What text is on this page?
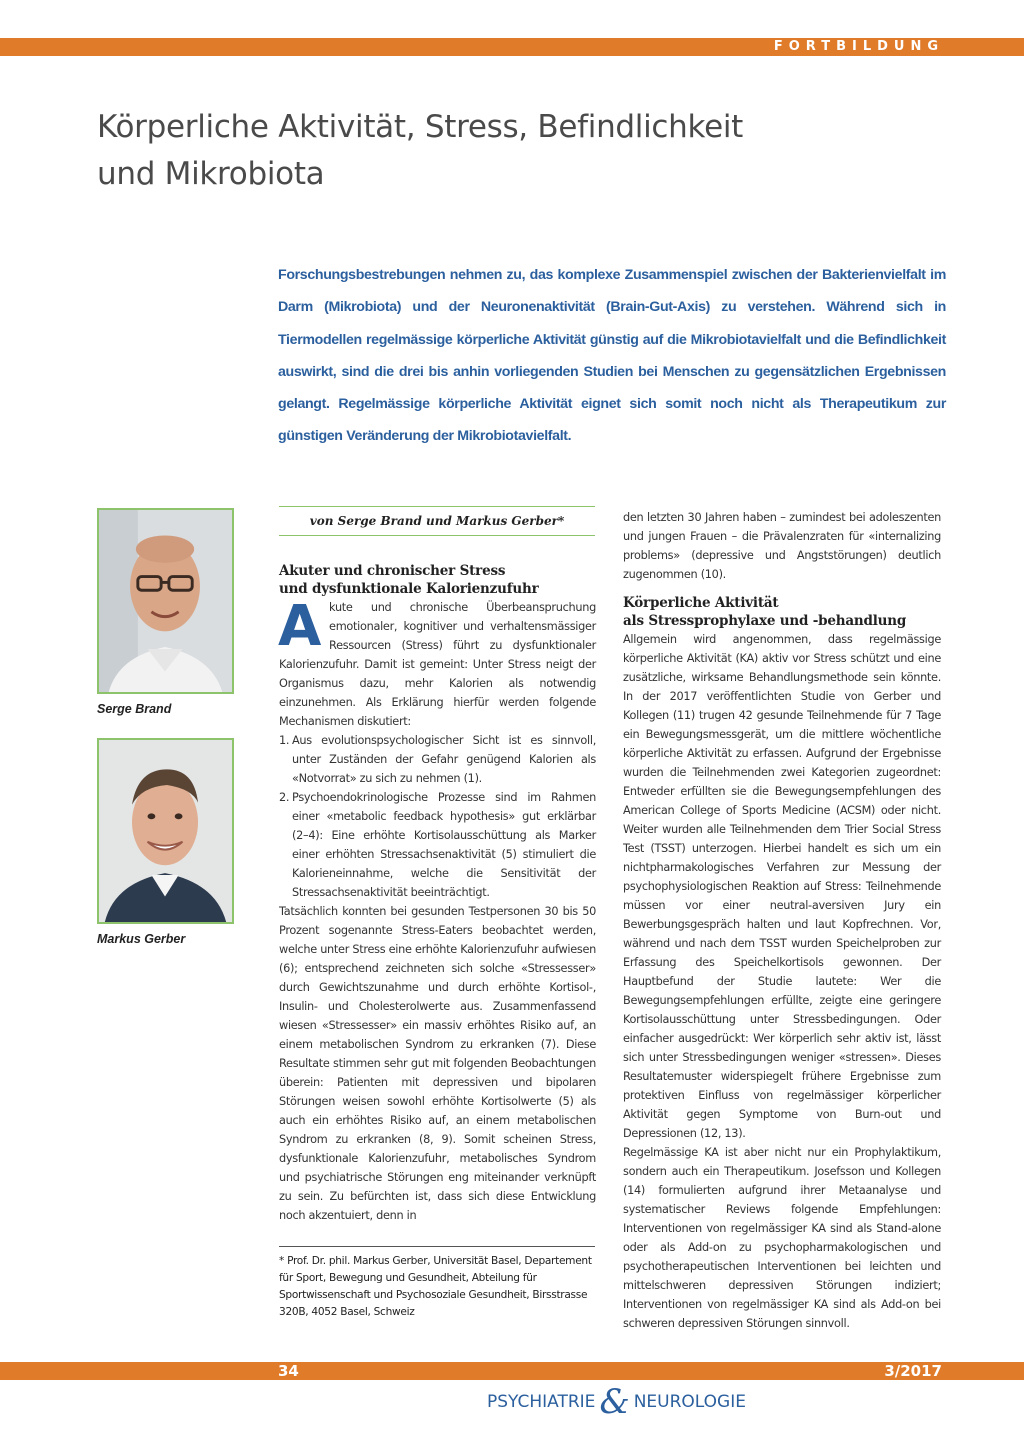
FORTBILDUNG
Körperliche Aktivität, Stress, Befindlichkeit
und Mikrobiota

Forschungsbestrebungen nehmen zu, das komplexe Zusammenspiel zwischen der Bakterienvielfalt im Darm (Mikrobiota) und der Neuronenaktivität (Brain-Gut-Axis) zu verstehen. Während sich in Tiermodellen regelmässige körperliche Aktivität günstig auf die Mikrobiotavielfalt und die Befindlichkeit auswirkt, sind die drei bis anhin vorliegenden Studien bei Menschen zu gegensätzlichen Ergebnissen gelangt. Regelmässige körperliche Aktivität eignet sich somit noch nicht als Therapeutikum zur günstigen Veränderung der Mikrobiotavielfalt.

Serge Brand
Markus Gerber
von Serge Brand und Markus Gerber*
Akuter und chronischer Stress
und dysfunktionale Kalorienzufuhr

Akute und chronische Überbeanspruchung emotionaler, kognitiver und verhaltensmässiger Ressourcen (Stress) führt zu dysfunktionaler Kalorienzufuhr. Damit ist gemeint: Unter Stress neigt der Organismus dazu, mehr Kalorien als notwendig einzunehmen. Als Erklärung hierfür werden folgende Mechanismen diskutiert:

1. Aus evolutionspsychologischer Sicht ist es sinnvoll, unter Zuständen der Gefahr genügend Kalorien als «Notvorrat» zu sich zu nehmen (1).
2. Psychoendokrinologische Prozesse sind im Rahmen einer «metabolic feedback hypothesis» gut erklärbar (2–4): Eine erhöhte Kortisolausschüttung als Marker einer erhöhten Stressachsenaktivität (5) stimuliert die Kalorieneinnahme, welche die Sensitivität der Stressachsenaktivität beeinträchtigt.

Tatsächlich konnten bei gesunden Testpersonen 30 bis 50 Prozent sogenannte Stress-Eaters beobachtet werden, welche unter Stress eine erhöhte Kalorienzufuhr aufwiesen (6); entsprechend zeichneten sich solche «Stressesser» durch Gewichtszunahme und durch erhöhte Kortisol-, Insulin- und Cholesterolwerte aus. Zusammenfassend wiesen «Stressesser» ein massiv erhöhtes Risiko auf, an einem metabolischen Syndrom zu erkranken (7). Diese Resultate stimmen sehr gut mit folgenden Beobachtungen überein: Patienten mit depressiven und bipolaren Störungen weisen sowohl erhöhte Kortisolwerte (5) als auch ein erhöhtes Risiko auf, an einem metabolischen Syndrom zu erkranken (8, 9). Somit scheinen Stress, dysfunktionale Kalorienzufuhr, metabolisches Syndrom und psychiatrische Störungen eng miteinander verknüpft zu sein. Zu befürchten ist, dass sich diese Entwicklung noch akzentuiert, denn in

* Prof. Dr. phil. Markus Gerber, Universität Basel, Departement für Sport, Bewegung und Gesundheit, Abteilung für Sportwissenschaft und Psychosoziale Gesundheit, Birsstrasse 320B, 4052 Basel, Schweiz

den letzten 30 Jahren haben – zumindest bei adoleszenten und jungen Frauen – die Prävalenzraten für «internalizing problems» (depressive und Angststörungen) deutlich zugenommen (10).

Körperliche Aktivität
als Stressprophylaxe und -behandlung

Allgemein wird angenommen, dass regelmässige körperliche Aktivität (KA) aktiv vor Stress schützt und eine zusätzliche, wirksame Behandlungsmethode sein könnte. In der 2017 veröffentlichten Studie von Gerber und Kollegen (11) trugen 42 gesunde Teilnehmende für 7 Tage ein Bewegungsmessgerät, um die mittlere wöchentliche körperliche Aktivität zu erfassen. Aufgrund der Ergebnisse wurden die Teilnehmenden zwei Kategorien zugeordnet: Entweder erfüllten sie die Bewegungsempfehlungen des American College of Sports Medicine (ACSM) oder nicht. Weiter wurden alle Teilnehmenden dem Trier Social Stress Test (TSST) unterzogen. Hierbei handelt es sich um ein nichtpharmakologisches Verfahren zur Messung der psychophysiologischen Reaktion auf Stress: Teilnehmende müssen vor einer neutral-aversiven Jury ein Bewerbungsgespräch halten und laut Kopfrechnen. Vor, während und nach dem TSST wurden Speichelproben zur Erfassung des Speichelkortisols gewonnen. Der Hauptbefund der Studie lautete: Wer die Bewegungsempfehlungen erfüllte, zeigte eine geringere Kortisolausschüttung unter Stressbedingungen. Oder einfacher ausgedrückt: Wer körperlich sehr aktiv ist, lässt sich unter Stressbedingungen weniger «stressen». Dieses Resultatemuster widerspiegelt frühere Ergebnisse zum protektiven Einfluss von regelmässiger körperlicher Aktivität gegen Symptome von Burn-out und Depressionen (12, 13).

Regelmässige KA ist aber nicht nur ein Prophylaktikum, sondern auch ein Therapeutikum. Josefsson und Kollegen (14) formulierten aufgrund ihrer Metaanalyse und systematischer Reviews folgende Empfehlungen: Interventionen von regelmässiger KA sind als Stand-alone oder als Add-on zu psychopharmakologischen und psychotherapeutischen Interventionen bei leichten und mittelschweren depressiven Störungen indiziert; Interventionen von regelmässiger KA sind als Add-on bei schweren depressiven Störungen sinnvoll.

34	3/2017
PSYCHIATRIE & NEUROLOGIE
